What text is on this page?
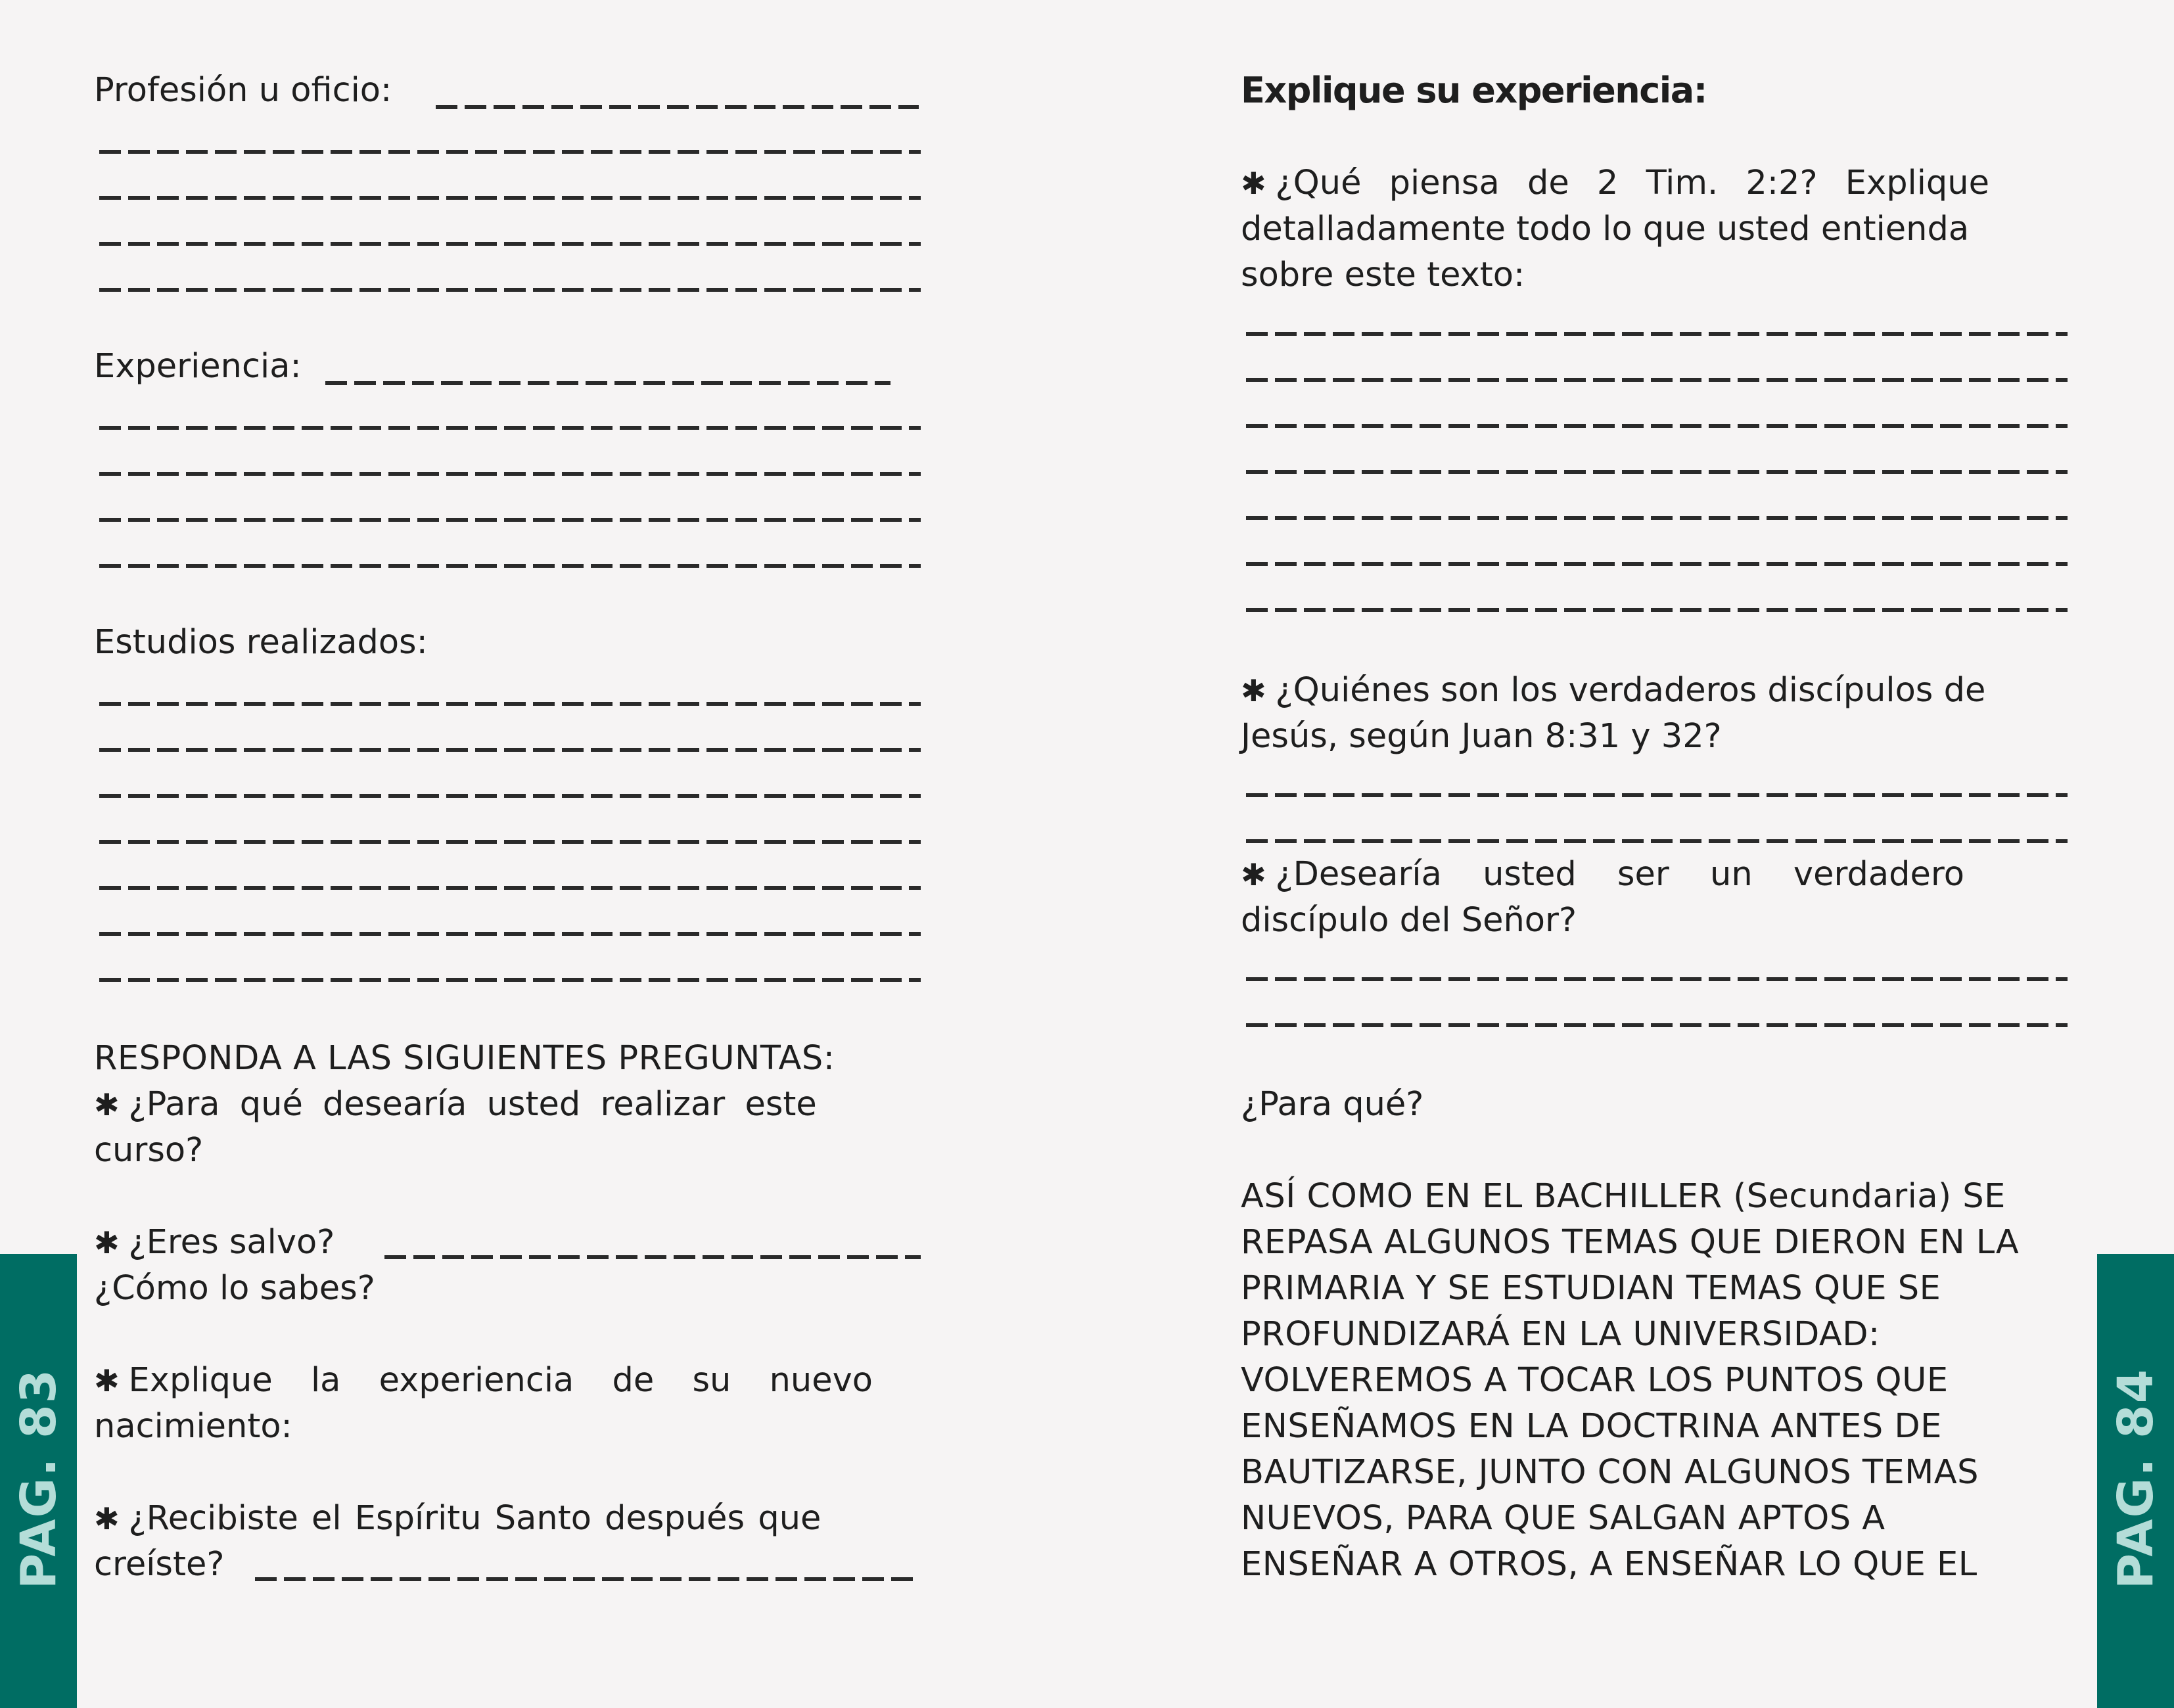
Profesión u oficio:

Experiencia:

Estudios realizados:

RESPONDA A LAS SIGUIENTES PREGUNTAS:

✱ ¿Para qué desearía usted realizar este

curso?

✱ ¿Eres salvo?

¿Cómo lo sabes?

✱ Explique la experiencia de su nuevo

nacimiento:

✱ ¿Recibiste el Espíritu Santo después que

creíste?

Explique su experiencia:

✱ ¿Qué piensa de 2 Tim. 2:2? Explique

detalladamente todo lo que usted entienda

sobre este texto:

✱ ¿Quiénes son los verdaderos discípulos de

Jesús, según Juan 8:31 y 32?

✱ ¿Desearía usted ser un verdadero

discípulo del Señor?

¿Para qué?

ASÍ COMO EN EL BACHILLER (Secundaria) SE

REPASA ALGUNOS TEMAS QUE DIERON EN LA

PRIMARIA Y SE ESTUDIAN TEMAS QUE SE

PROFUNDIZARÁ EN LA UNIVERSIDAD:

VOLVEREMOS A TOCAR LOS PUNTOS QUE

ENSEÑAMOS EN LA DOCTRINA ANTES DE

BAUTIZARSE, JUNTO CON ALGUNOS TEMAS

NUEVOS, PARA QUE SALGAN APTOS A

ENSEÑAR A OTROS, A ENSEÑAR LO QUE EL

PAG. 83	PAG. 84
